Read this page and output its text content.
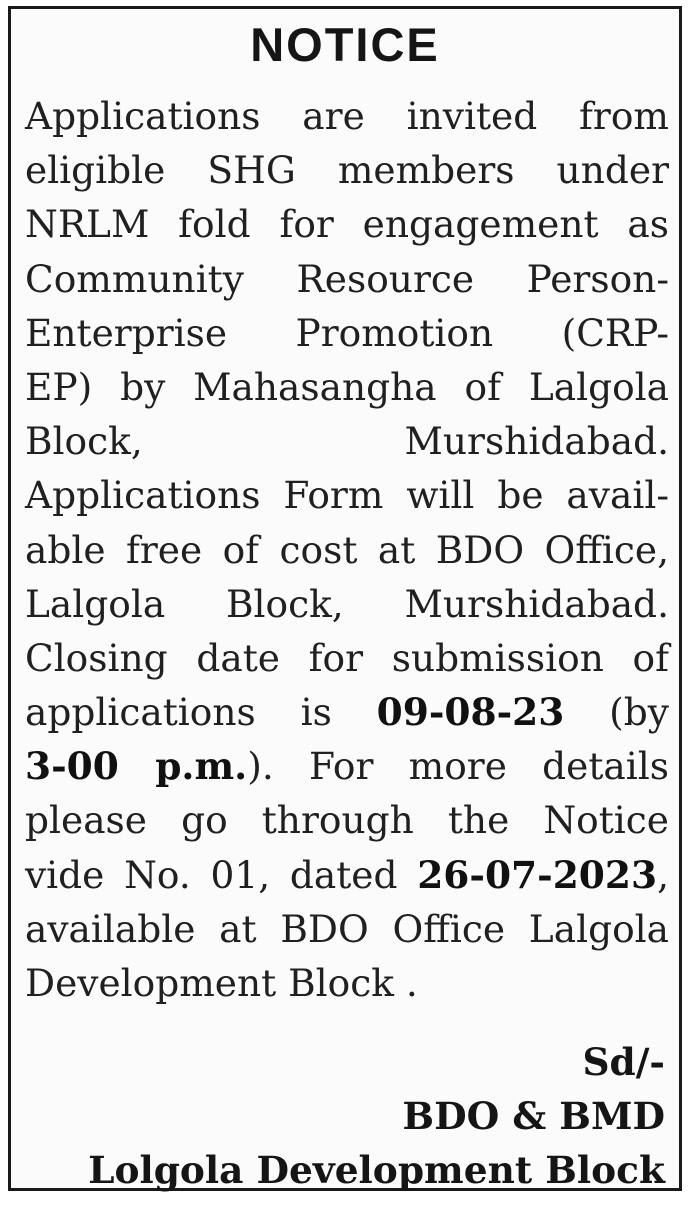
NOTICE
Applications are invited from
eligible SHG members under
NRLM fold for engagement as
Community Resource Person-
Enterprise Promotion (CRP-
EP) by Mahasangha of Lalgola
Block,	Murshidabad.
Applications Form will be avail-
able free of cost at BDO Office,
Lalgola Block, Murshidabad.
Closing date for submission of
applications is 09-08-23 (by
3-00 p.m.). For more details
please go through the Notice
vide No. 01, dated 26-07-2023,
available at BDO Office Lalgola
Development Block .
Sd/-
BDO & BMD
Lolgola Development Block
